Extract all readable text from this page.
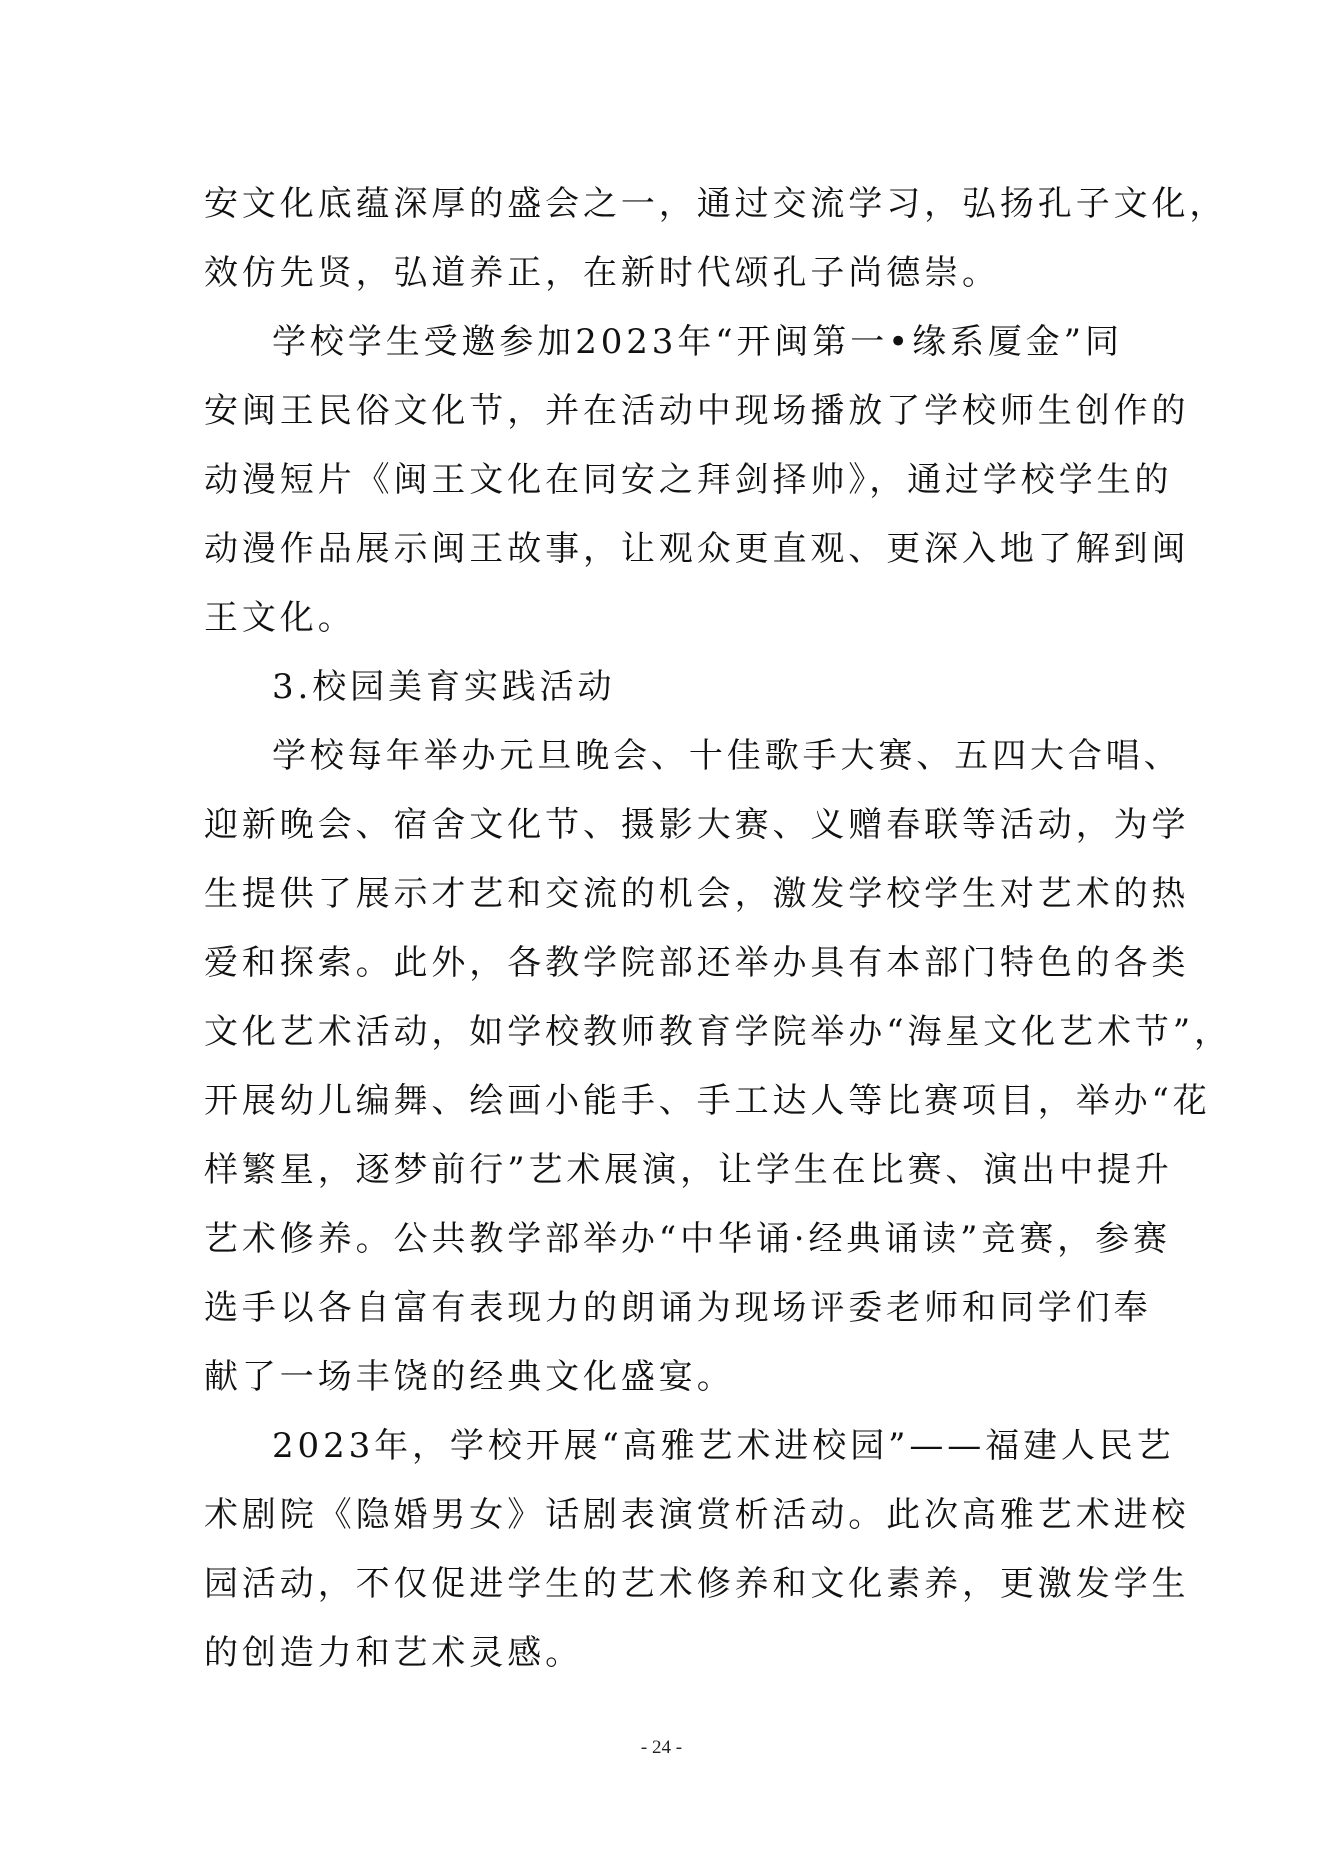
安文化底蕴深厚的盛会之一，通过交流学习，弘扬孔子文化，
效仿先贤，弘道养正，在新时代颂孔子尚德崇。
学校学生受邀参加2023年“开闽第一•缘系厦金”同
安闽王民俗文化节，并在活动中现场播放了学校师生创作的
动漫短片《闽王文化在同安之拜剑择帅》，通过学校学生的
动漫作品展示闽王故事，让观众更直观、更深入地了解到闽
王文化。
3.校园美育实践活动
学校每年举办元旦晚会、十佳歌手大赛、五四大合唱、
迎新晚会、宿舍文化节、摄影大赛、义赠春联等活动，为学
生提供了展示才艺和交流的机会，激发学校学生对艺术的热
爱和探索。此外，各教学院部还举办具有本部门特色的各类
文化艺术活动，如学校教师教育学院举办“海星文化艺术节”，
开展幼儿编舞、绘画小能手、手工达人等比赛项目，举办“花
样繁星，逐梦前行”艺术展演，让学生在比赛、演出中提升
艺术修养。公共教学部举办“中华诵·经典诵读”竞赛，参赛
选手以各自富有表现力的朗诵为现场评委老师和同学们奉
献了一场丰饶的经典文化盛宴。
2023年，学校开展“高雅艺术进校园”——福建人民艺
术剧院《隐婚男女》话剧表演赏析活动。此次高雅艺术进校
园活动，不仅促进学生的艺术修养和文化素养，更激发学生
的创造力和艺术灵感。
- 24 -
